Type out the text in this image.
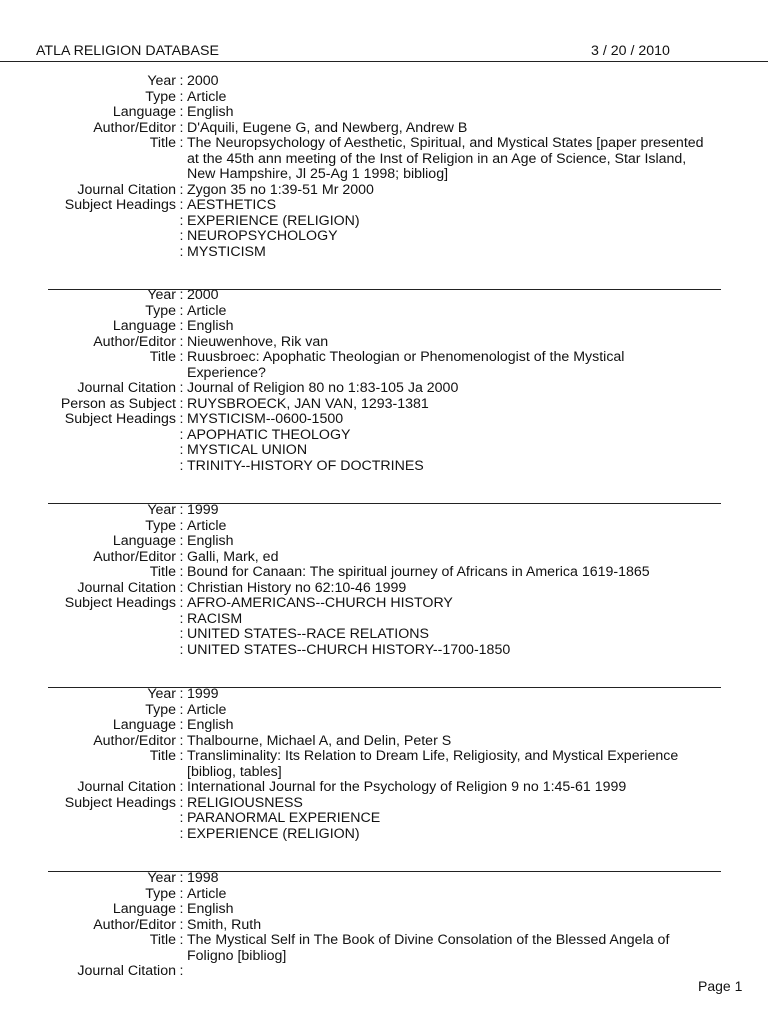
ATLA RELIGION DATABASE	3 / 20 / 2010
Year : 2000
Type : Article
Language : English
Author/Editor : D'Aquili, Eugene G, and Newberg, Andrew B
Title : The Neuropsychology of Aesthetic, Spiritual, and Mystical States [paper presented at the 45th ann meeting of the Inst of Religion in an Age of Science, Star Island, New Hampshire, Jl 25-Ag 1 1998; bibliog]
Journal Citation : Zygon 35 no 1:39-51 Mr 2000
Subject Headings : AESTHETICS
: EXPERIENCE (RELIGION)
: NEUROPSYCHOLOGY
: MYSTICISM
Year : 2000
Type : Article
Language : English
Author/Editor : Nieuwenhove, Rik van
Title : Ruusbroec: Apophatic Theologian or Phenomenologist of the Mystical Experience?
Journal Citation : Journal of Religion 80 no 1:83-105 Ja 2000
Person as Subject : RUYSBROECK, JAN VAN, 1293-1381
Subject Headings : MYSTICISM--0600-1500
: APOPHATIC THEOLOGY
: MYSTICAL UNION
: TRINITY--HISTORY OF DOCTRINES
Year : 1999
Type : Article
Language : English
Author/Editor : Galli, Mark, ed
Title : Bound for Canaan: The spiritual journey of Africans in America 1619-1865
Journal Citation : Christian History no 62:10-46 1999
Subject Headings : AFRO-AMERICANS--CHURCH HISTORY
: RACISM
: UNITED STATES--RACE RELATIONS
: UNITED STATES--CHURCH HISTORY--1700-1850
Year : 1999
Type : Article
Language : English
Author/Editor : Thalbourne, Michael A, and Delin, Peter S
Title : Transliminality: Its Relation to Dream Life, Religiosity, and Mystical Experience [bibliog, tables]
Journal Citation : International Journal for the Psychology of Religion 9 no 1:45-61 1999
Subject Headings : RELIGIOUSNESS
: PARANORMAL EXPERIENCE
: EXPERIENCE (RELIGION)
Year : 1998
Type : Article
Language : English
Author/Editor : Smith, Ruth
Title : The Mystical Self in The Book of Divine Consolation of the Blessed Angela of Foligno [bibliog]
Journal Citation :
Page 1
